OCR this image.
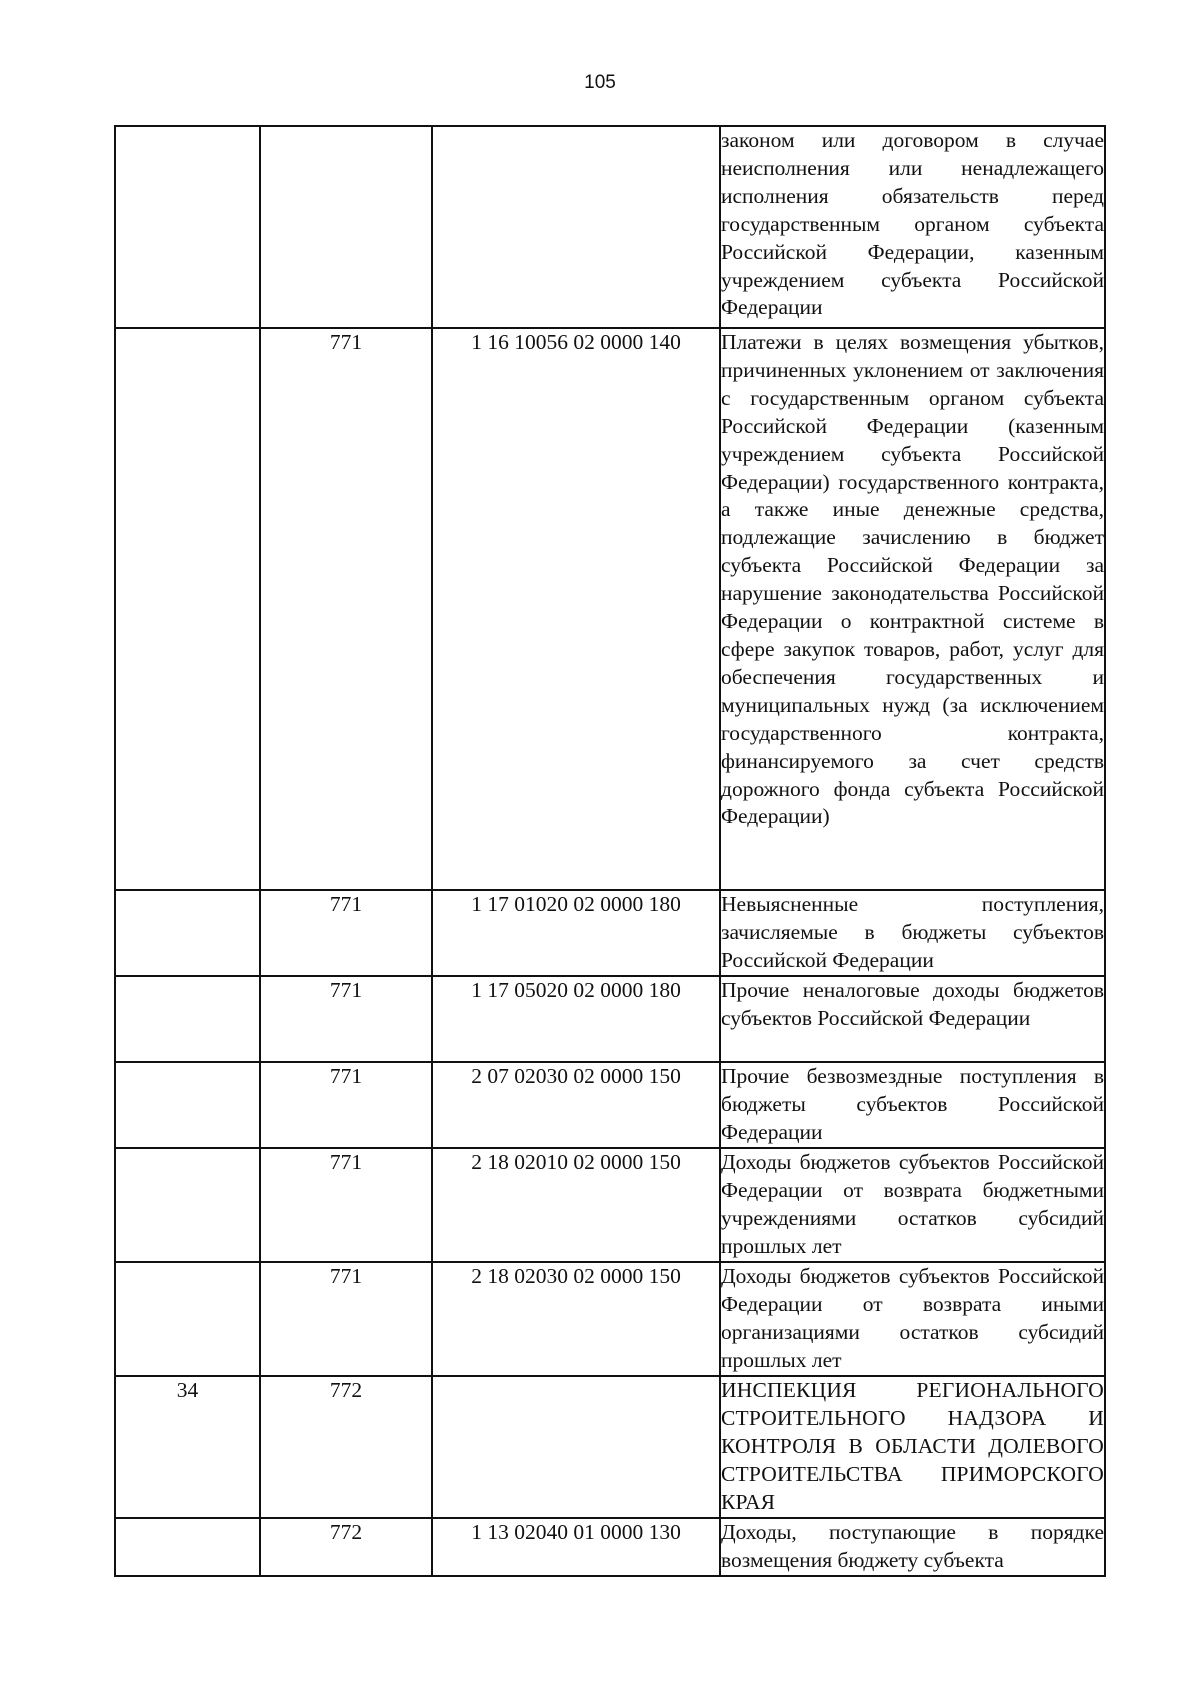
105
			законом или договором в случае неисполнения или ненадлежащего исполнения обязательств перед государственным органом субъекта Российской Федерации, казенным учреждением субъекта Российской Федерации
	771	1 16 10056 02 0000 140	Платежи в целях возмещения убытков, причиненных уклонением от заключения с государственным органом субъекта Российской Федерации (казенным учреждением субъекта Российской Федерации) государственного контракта, а также иные денежные средства, подлежащие зачислению в бюджет субъекта Российской Федерации за нарушение законодательства Российской Федерации о контрактной системе в сфере закупок товаров, работ, услуг для обеспечения государственных и муниципальных нужд (за исключением государственного контракта, финансируемого за счет средств дорожного фонда субъекта Российской Федерации)
	771	1 17 01020 02 0000 180	Невыясненные поступления, зачисляемые в бюджеты субъектов Российской Федерации
	771	1 17 05020 02 0000 180	Прочие неналоговые доходы бюджетов субъектов Российской Федерации
	771	2 07 02030 02 0000 150	Прочие безвозмездные поступления в бюджеты субъектов Российской Федерации
	771	2 18 02010 02 0000 150	Доходы бюджетов субъектов Российской Федерации от возврата бюджетными учреждениями остатков субсидий прошлых лет
	771	2 18 02030 02 0000 150	Доходы бюджетов субъектов Российской Федерации от возврата иными организациями остатков субсидий прошлых лет
34	772		ИНСПЕКЦИЯ РЕГИОНАЛЬНОГО СТРОИТЕЛЬНОГО НАДЗОРА И КОНТРОЛЯ В ОБЛАСТИ ДОЛЕВОГО СТРОИТЕЛЬСТВА ПРИМОРСКОГО КРАЯ
	772	1 13 02040 01 0000 130	Доходы, поступающие в порядке возмещения бюджету субъекта
